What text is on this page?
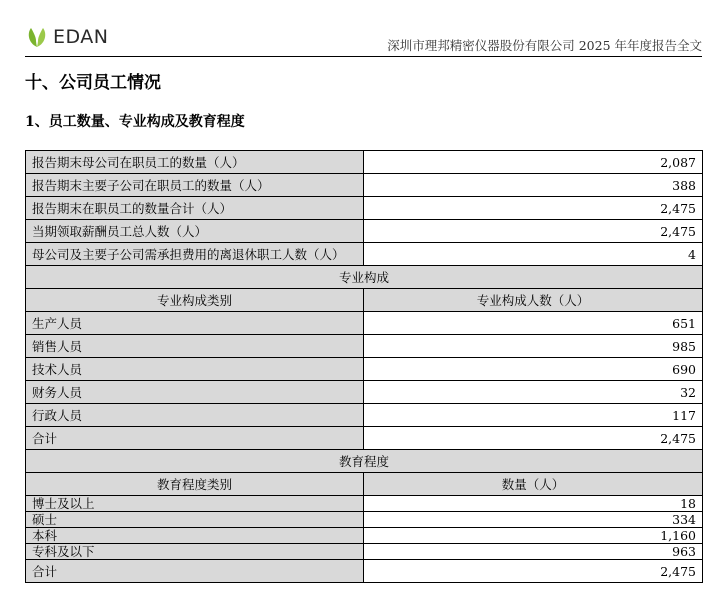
EDAN	深圳市理邦精密仪器股份有限公司 2025 年年度报告全文
十、公司员工情况
1、员工数量、专业构成及教育程度
报告期末母公司在职员工的数量（人）	2,087
报告期末主要子公司在职员工的数量（人）	388
报告期末在职员工的数量合计（人）	2,475
当期领取薪酬员工总人数（人）	2,475
母公司及主要子公司需承担费用的离退休职工人数（人）	4
专业构成	
专业构成类别	专业构成人数（人）
生产人员	651
销售人员	985
技术人员	690
财务人员	32
行政人员	117
合计	2,475
教育程度	
教育程度类别	数量（人）
博士及以上	18
硕士	334
本科	1,160
专科及以下	963
合计	2,475
